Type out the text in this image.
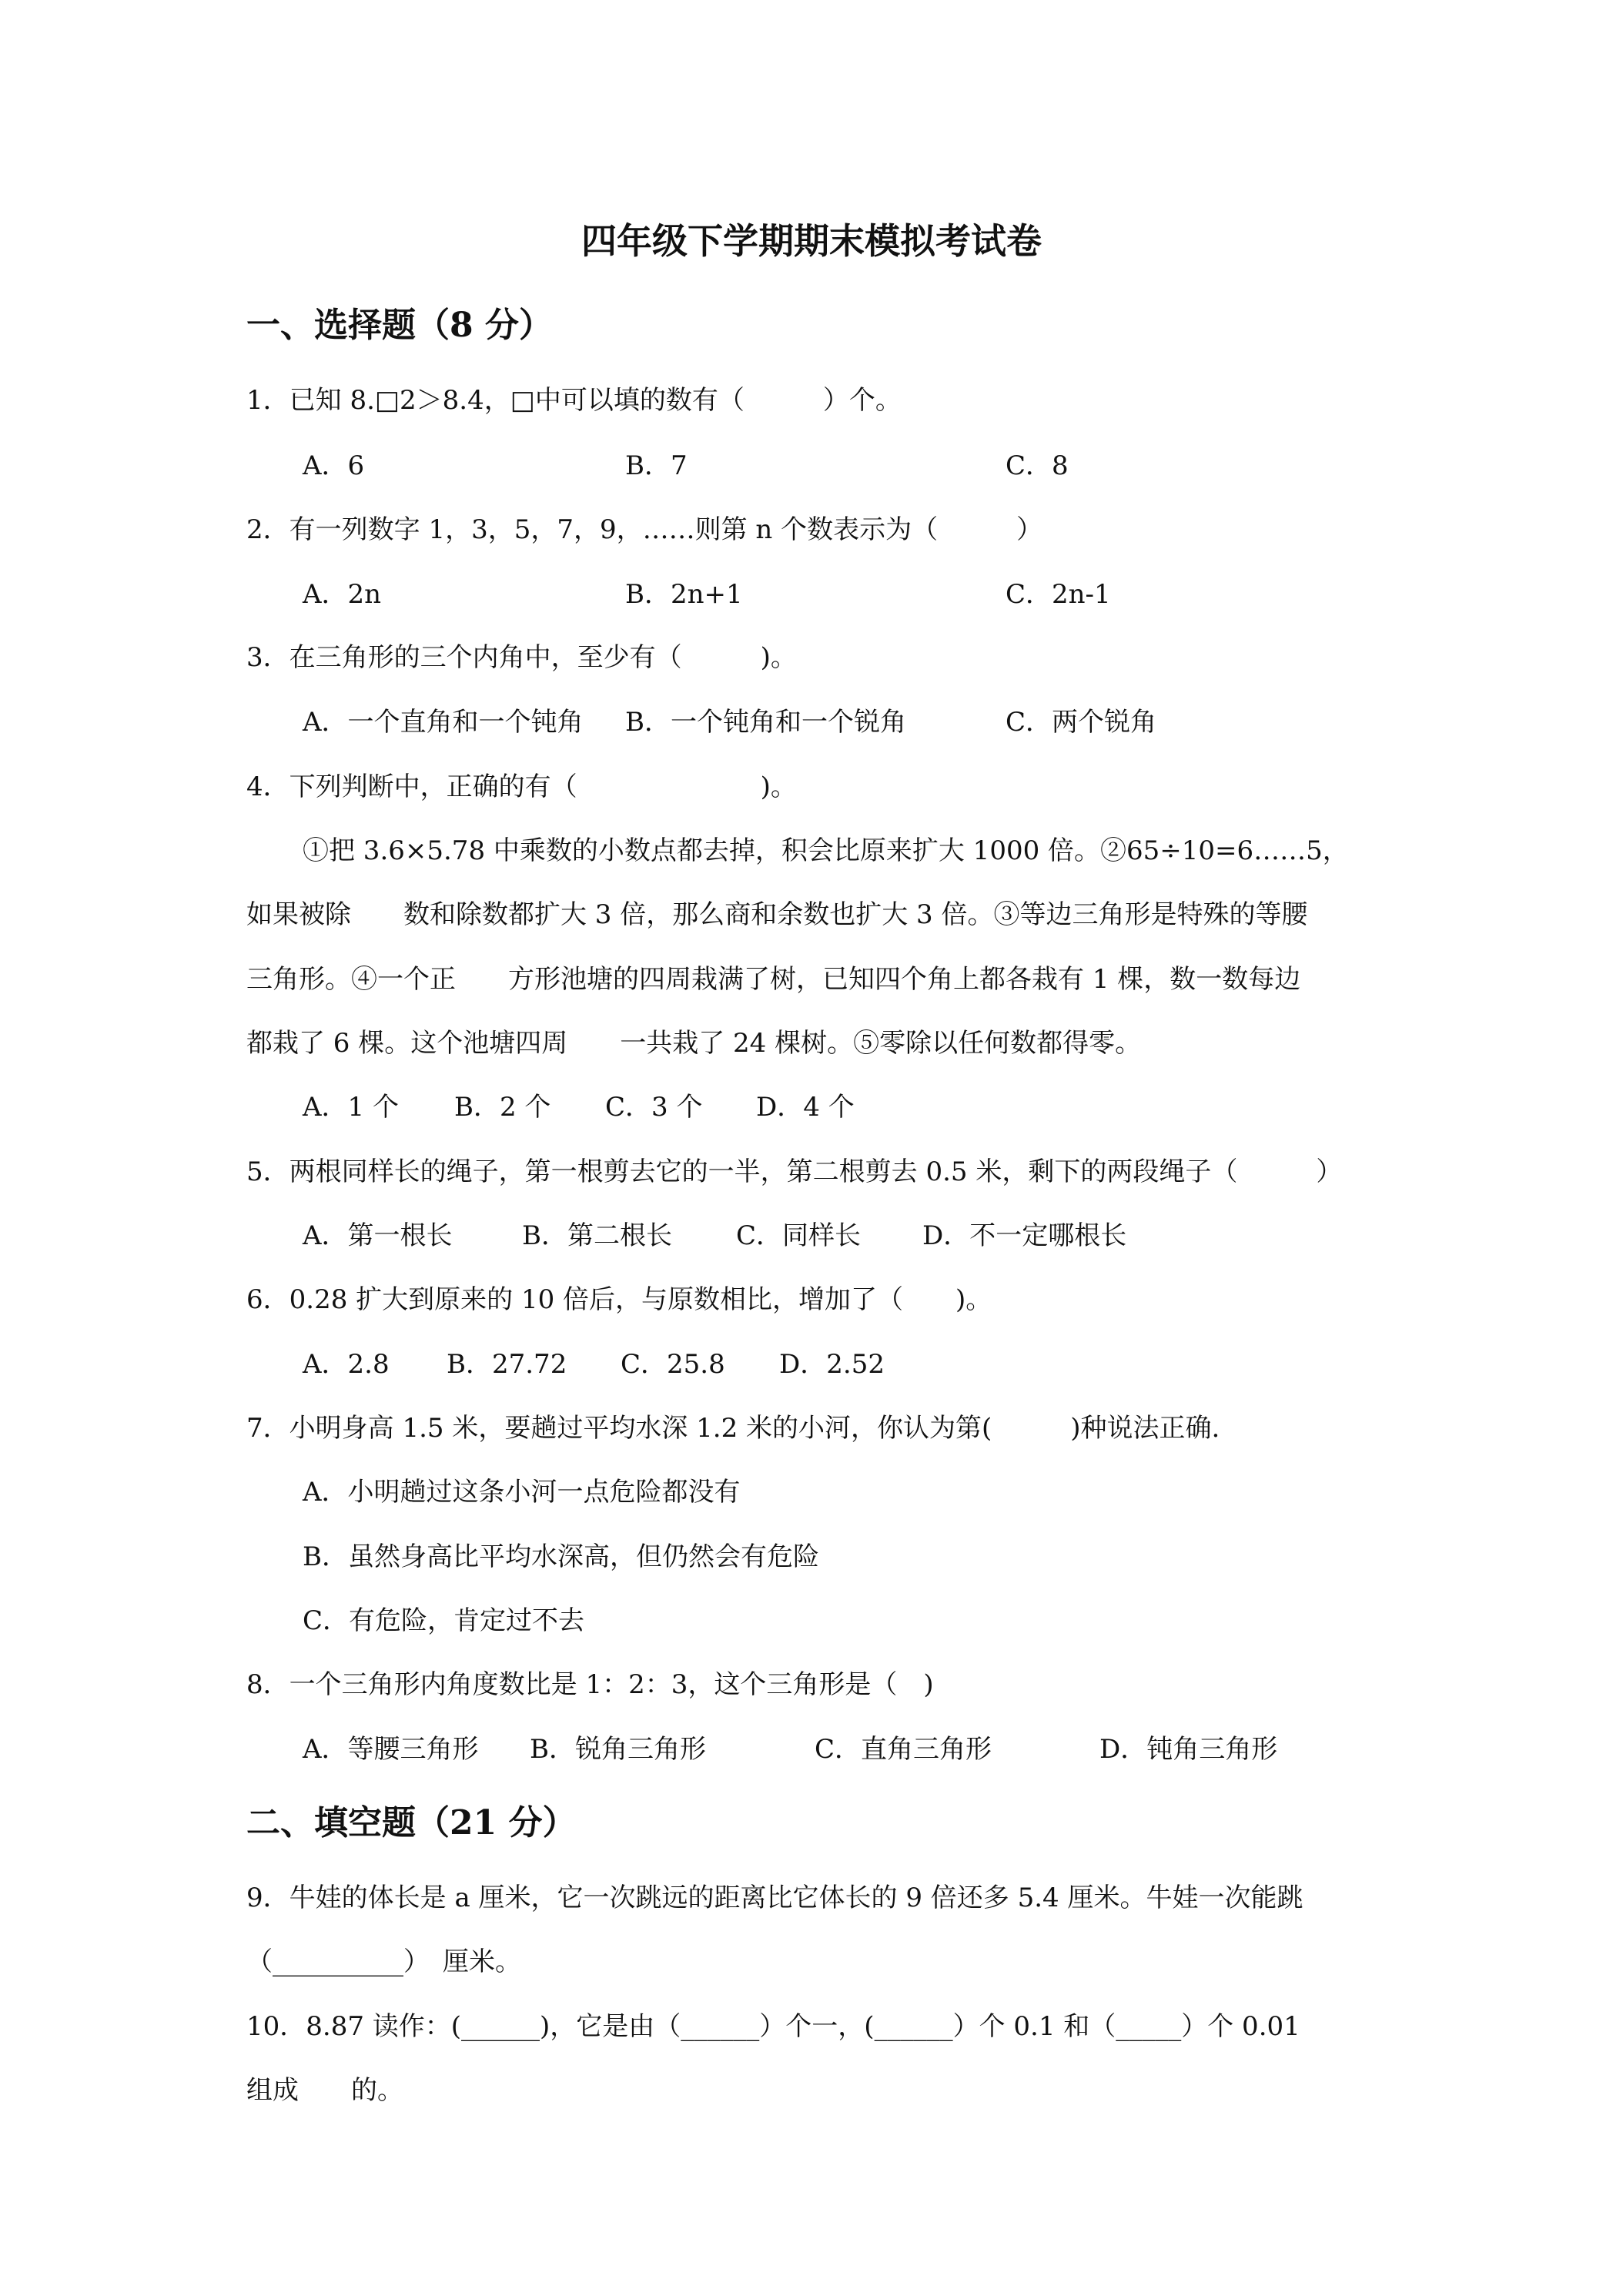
四年级下学期期末模拟考试卷
一、选择题（8 分）
1．已知 8.□2＞8.4，□中可以填的数有（　　　）个。
A．6	B．7	C．8
2．有一列数字 1，3，5，7，9，……则第 n 个数表示为（　　　）
A．2n	B．2n+1	C．2n-1
3．在三角形的三个内角中，至少有（　　　)。
A．一个直角和一个钝角 B．一个钝角和一个锐角	C．两个锐角
4．下列判断中，正确的有（　　　　　　　)。
①把 3.6×5.78 中乘数的小数点都去掉，积会比原来扩大 1000 倍。②65÷10=6……5，
如果被除　　数和除数都扩大 3 倍，那么商和余数也扩大 3 倍。③等边三角形是特殊的等腰
三角形。④一个正　　方形池塘的四周栽满了树，已知四个角上都各栽有 1 棵，数一数每边
都栽了 6 棵。这个池塘四周　　一共栽了 24 棵树。⑤零除以任何数都得零。
A．1 个 B．2 个 C．3 个 D．4 个
5．两根同样长的绳子，第一根剪去它的一半，第二根剪去 0.5 米，剩下的两段绳子（　　　）
A．第一根长	B．第二根长 C．同样长 D．不一定哪根长
6．0.28 扩大到原来的 10 倍后，与原数相比，增加了（　　)。
A．2.8 B．27.72 C．25.8 D．2.52
7．小明身高 1.5 米，要趟过平均水深 1.2 米的小河，你认为第(　　　)种说法正确.
A．小明趟过这条小河一点危险都没有
B．虽然身高比平均水深高，但仍然会有危险
C．有危险，肯定过不去
8．一个三角形内角度数比是 1：2：3，这个三角形是（　)
A．等腰三角形 B．锐角三角形	C．直角三角形	D．钝角三角形
二、填空题（21 分）
9．牛娃的体长是 a 厘米，它一次跳远的距离比它体长的 9 倍还多 5.4 厘米。牛娃一次能跳
（__________）　厘米。
10．8.87 读作：(______)，它是由（______）个一，(______）个 0.1 和（_____）个 0.01
组成　　的。
